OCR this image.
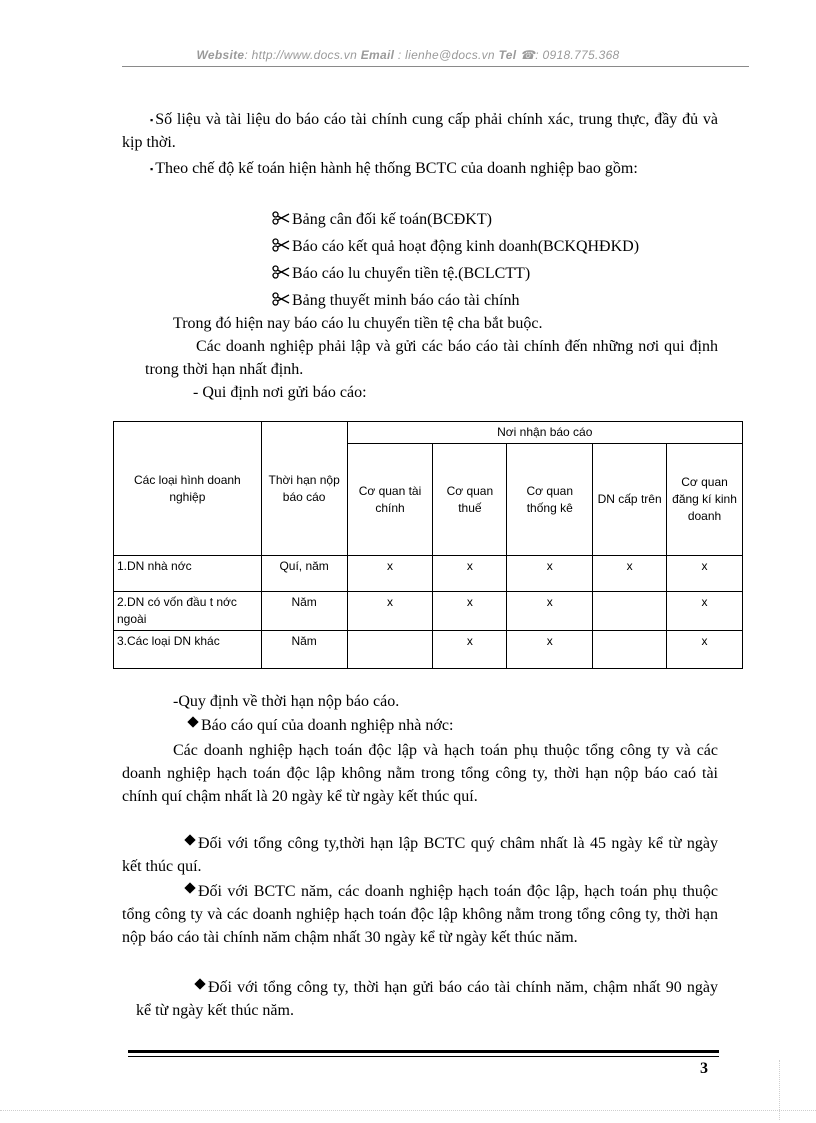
Website: http://www.docs.vn Email : lienhe@docs.vn Tel ☎: 0918.775.368
▪ Số liệu và tài liệu do báo cáo tài chính cung cấp phải chính xác, trung thực, đầy đủ và kịp thời.
▪ Theo chế độ kế toán hiện hành hệ thống BCTC của doanh nghiệp bao gồm:
Bảng cân đối kế toán(BCĐKT)
Báo cáo kết quả hoạt động kinh doanh(BCKQHĐKD)
Báo cáo lu chuyển tiền tệ.(BCLCTT)
Bảng thuyết minh báo cáo tài chính
Trong đó hiện nay báo cáo lu chuyển tiền tệ cha bắt buộc.
Các doanh nghiệp phải lập và gửi các báo cáo tài chính đến những nơi qui định trong thời hạn nhất định.
- Qui định nơi gửi báo cáo:
Các loại hình doanh nghiệp	Thời hạn nộp báo cáo	Nơi nhận báo cáo				
		Cơ quan tài chính	Cơ quan thuế	Cơ quan thống kê	DN cấp trên	Cơ quan đăng kí kinh doanh
1.DN nhà nớc	Quí, năm	x	x	x	x	x
2.DN có vốn đầu t nớc ngoài	Năm	x	x	x		x
3.Các loại DN khác	Năm		x	x		x
-Quy định về thời hạn nộp báo cáo.
Báo cáo quí của doanh nghiệp nhà nớc:
Các doanh nghiệp hạch toán độc lập và hạch toán phụ thuộc tổng công ty và các doanh nghiệp hạch toán độc lập không nằm trong tổng công ty, thời hạn nộp báo caó tài chính quí chậm nhất là 20 ngày kể từ ngày kết thúc quí.
Đối với tổng công ty,thời hạn lập BCTC quý châm nhất là 45 ngày kể từ ngày kết thúc quí.
Đối với BCTC năm, các doanh nghiệp hạch toán độc lập, hạch toán phụ thuộc tổng công ty và các doanh nghiệp hạch toán độc lập không nằm trong tổng công ty, thời hạn nộp báo cáo tài chính năm chậm nhất 30 ngày kể từ ngày kết thúc năm.
Đối với tổng công ty, thời hạn gửi báo cáo tài chính năm, chậm nhất 90 ngày kể từ ngày kết thúc năm.
3
